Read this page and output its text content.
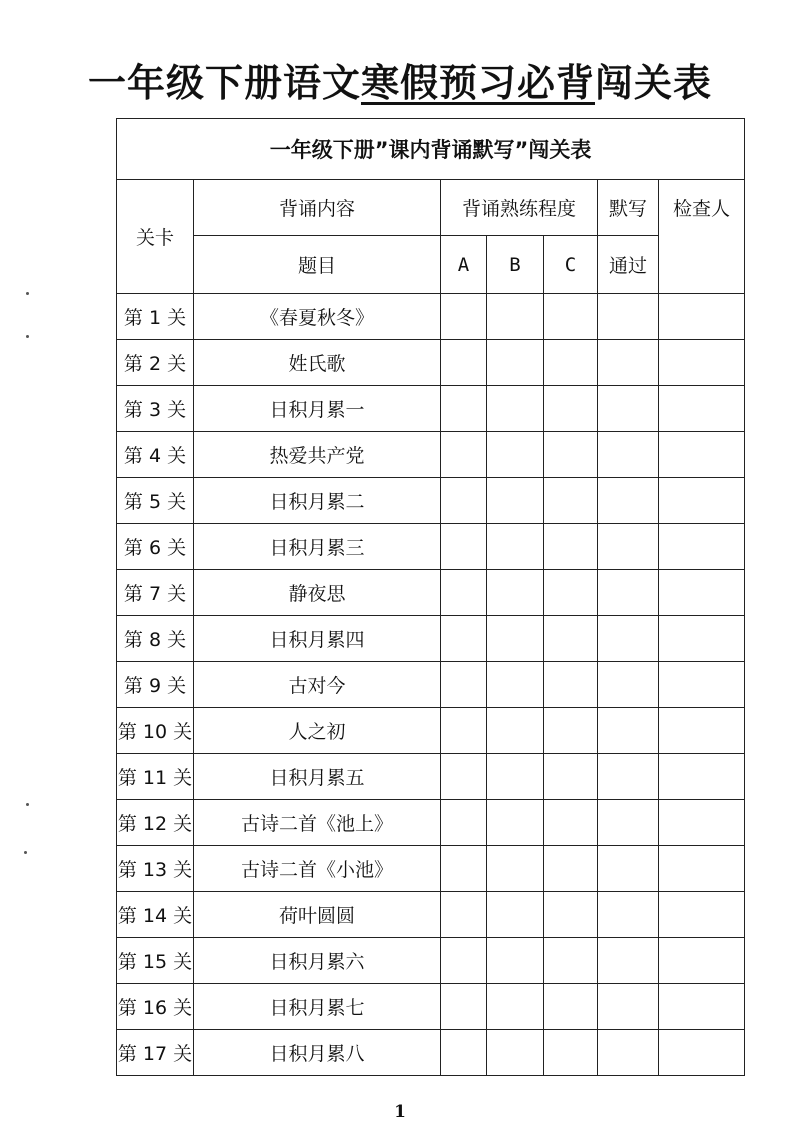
一年级下册语文寒假预习必背闯关表
一年级下册”课内背诵默写”闯关表						
关卡	背诵内容	背诵熟练程度			默写	检查人
	题目	A	B	C	通过	
第 1 关	《春夏秋冬》					
第 2 关	姓氏歌					
第 3 关	日积月累一					
第 4 关	热爱共产党					
第 5 关	日积月累二					
第 6 关	日积月累三					
第 7 关	静夜思					
第 8 关	日积月累四					
第 9 关	古对今					
第 10 关	人之初					
第 11 关	日积月累五					
第 12 关	古诗二首《池上》					
第 13 关	古诗二首《小池》					
第 14 关	荷叶圆圆					
第 15 关	日积月累六					
第 16 关	日积月累七					
第 17 关	日积月累八					
1
